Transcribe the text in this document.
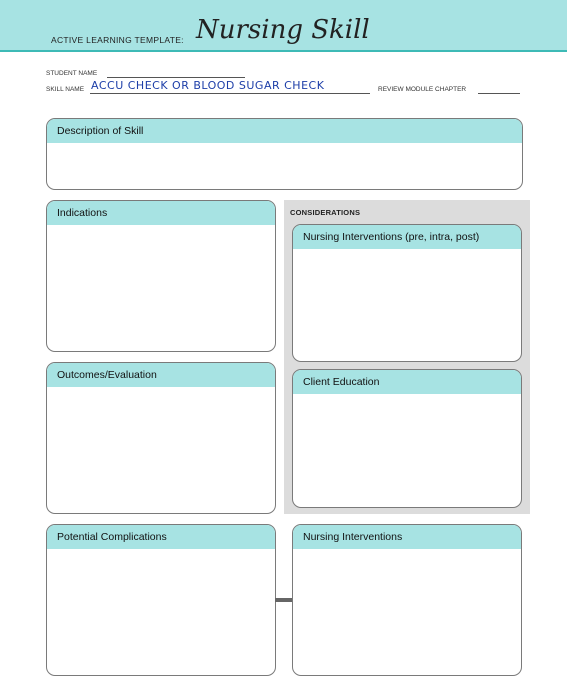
ACTIVE LEARNING TEMPLATE: Nursing Skill
STUDENT NAME
SKILL NAME ACCU CHECK OR BLOOD SUGAR CHECK	REVIEW MODULE CHAPTER
Description of Skill
Indications
Outcomes/Evaluation
CONSIDERATIONS
Nursing Interventions (pre, intra, post)
Client Education
Potential Complications	Nursing Interventions
